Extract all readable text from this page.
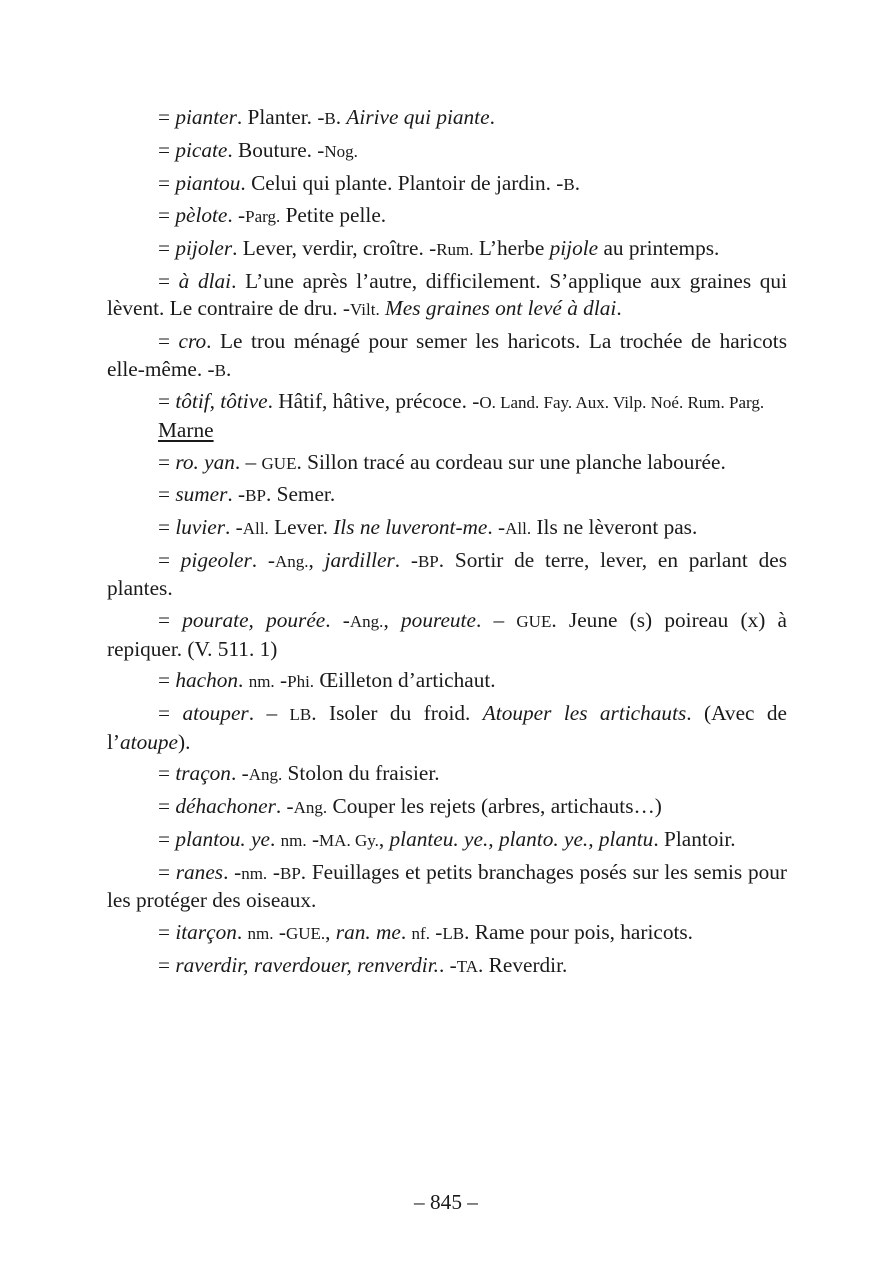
= pianter. Planter. -B. Airive qui piante.

= picate. Bouture. -Nog.

= piantou. Celui qui plante. Plantoir de jardin. -B.

= pèlote. -Parg. Petite pelle.

= pijoler. Lever, verdir, croître. -Rum. L’herbe pijole au printemps.

= à dlai. L’une après l’autre, difficilement. S’applique aux graines qui lèvent. Le contraire de dru. -Vilt. Mes graines ont levé à dlai.

= cro. Le trou ménagé pour semer les haricots. La trochée de haricots elle-même. -B.

= tôtif, tôtive. Hâtif, hâtive, précoce. -O. Land. Fay. Aux. Vilp. Noé. Rum. Parg.

Marne

= ro. yan. – GUE. Sillon tracé au cordeau sur une planche labourée.

= sumer. -BP. Semer.

= luvier. -All. Lever. Ils ne luveront-me. -All. Ils ne lèveront pas.

= pigeoler. -Ang., jardiller. -BP. Sortir de terre, lever, en parlant des plantes.

= pourate, pourée. -Ang., poureute. – GUE. Jeune (s) poireau (x) à repiquer. (V. 511. 1)

= hachon. nm. -Phi. Œilleton d’artichaut.

= atouper. – LB. Isoler du froid. Atouper les artichauts. (Avec de l’atoupe).

= traçon. -Ang. Stolon du fraisier.

= déhachoner. -Ang. Couper les rejets (arbres, artichauts…)

= plantou. ye. nm. -MA. Gy., planteu. ye., planto. ye., plantu. Plantoir.

= ranes. -nm. -BP. Feuillages et petits branchages posés sur les semis pour les protéger des oiseaux.

= itarçon. nm. -GUE., ran. me. nf. -LB. Rame pour pois, haricots.

= raverdir, raverdouer, renverdir.. -TA. Reverdir.

– 845 –
